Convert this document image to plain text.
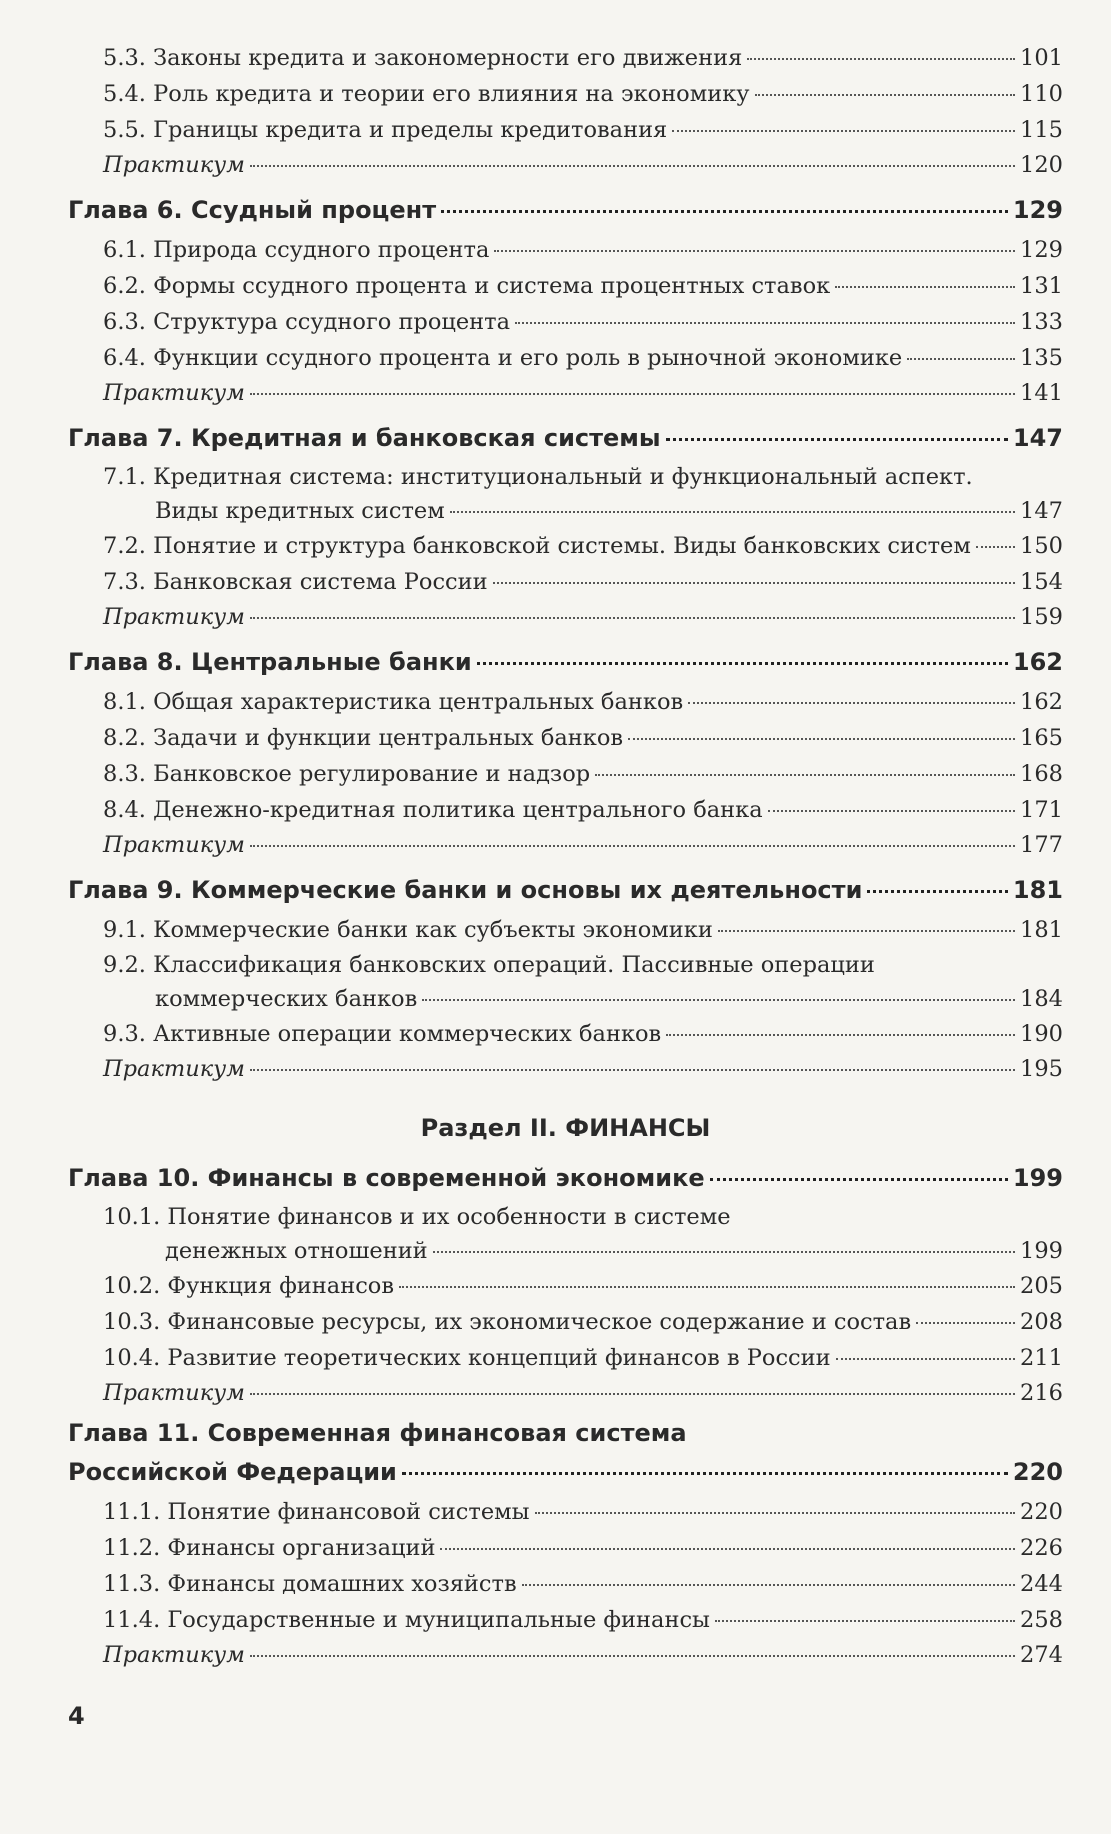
5.3. Законы кредита и закономерности его движения	101
5.4. Роль кредита и теории его влияния на экономику	110
5.5. Границы кредита и пределы кредитования	115
Практикум	120
Глава 6. Ссудный процент	129
6.1. Природа ссудного процента	129
6.2. Формы ссудного процента и система процентных ставок	131
6.3. Структура ссудного процента	133
6.4. Функции ссудного процента и его роль в рыночной экономике	135
Практикум	141
Глава 7. Кредитная и банковская системы	147
7.1. Кредитная система: институциональный и функциональный аспект.
Виды кредитных систем	147
7.2. Понятие и структура банковской системы. Виды банковских систем 150
7.3. Банковская система России	154
Практикум	159
Глава 8. Центральные банки	162
8.1. Общая характеристика центральных банков	162
8.2. Задачи и функции центральных банков	165
8.3. Банковское регулирование и надзор	168
8.4. Денежно-кредитная политика центрального банка	171
Практикум	177
Глава 9. Коммерческие банки и основы их деятельности	181
9.1. Коммерческие банки как субъекты экономики	181
9.2. Классификация банковских операций. Пассивные операции
коммерческих банков	184
9.3. Активные операции коммерческих банков	190
Практикум	195
Раздел II. ФИНАНСЫ
Глава 10. Финансы в современной экономике	199
10.1. Понятие финансов и их особенности в системе
денежных отношений	199
10.2. Функция финансов	205
10.3. Финансовые ресурсы, их экономическое содержание и состав	208
10.4. Развитие теоретических концепций финансов в России	211
Практикум	216
Глава 11. Современная финансовая система
Российской Федерации	220
11.1. Понятие финансовой системы	220
11.2. Финансы организаций	226
11.3. Финансы домашних хозяйств	244
11.4. Государственные и муниципальные финансы	258
Практикум	274
4
